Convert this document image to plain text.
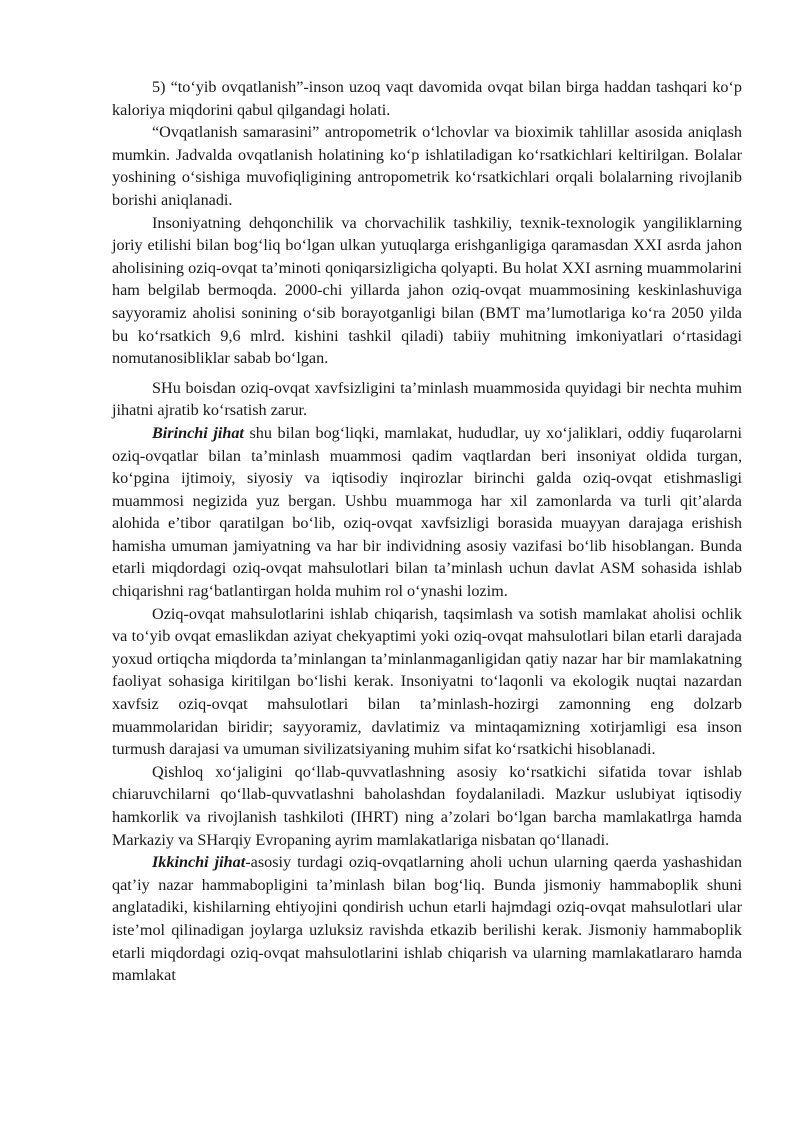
5) “to‘yib ovqatlanish”-inson uzoq vaqt davomida ovqat bilan birga haddan tashqari ko‘p kaloriya miqdorini qabul qilgandagi holati.

“Ovqatlanish samarasini” antropometrik o‘lchovlar va bioximik tahlillar asosida aniqlash mumkin. Jadvalda ovqatlanish holatining ko‘p ishlatiladigan ko‘rsatkichlari keltirilgan. Bolalar yoshining o‘sishiga muvofiqligining antropometrik ko‘rsatkichlari orqali bolalarning rivojlanib borishi aniqlanadi.

Insoniyatning dehqonchilik va chorvachilik tashkiliy, texnik-texnologik yangiliklarning joriy etilishi bilan bog‘liq bo‘lgan ulkan yutuqlarga erishganligiga qaramasdan XXI asrda jahon aholisining oziq-ovqat ta’minoti qoniqarsizligicha qolyapti. Bu holat XXI asrning muammolarini ham belgilab bermoqda. 2000-chi yillarda jahon oziq-ovqat muammosining keskinlashuviga sayyoramiz aholisi sonining o‘sib borayotganligi bilan (BMT ma’lumotlariga ko‘ra 2050 yilda bu ko‘rsatkich 9,6 mlrd. kishini tashkil qiladi) tabiiy muhitning imkoniyatlari o‘rtasidagi nomutanosibliklar sabab bo‘lgan.

SHu boisdan oziq-ovqat xavfsizligini ta’minlash muammosida quyidagi bir nechta muhim jihatni ajratib ko‘rsatish zarur.

Birinchi jihat shu bilan bog‘liqki, mamlakat, hududlar, uy xo‘jaliklari, oddiy fuqarolarni oziq-ovqatlar bilan ta’minlash muammosi qadim vaqtlardan beri insoniyat oldida turgan, ko‘pgina ijtimoiy, siyosiy va iqtisodiy inqirozlar birinchi galda oziq-ovqat etishmasligi muammosi negizida yuz bergan. Ushbu muammoga har xil zamonlarda va turli qit’alarda alohida e’tibor qaratilgan bo‘lib, oziq-ovqat xavfsizligi borasida muayyan darajaga erishish hamisha umuman jamiyatning va har bir individning asosiy vazifasi bo‘lib hisoblangan. Bunda etarli miqdordagi oziq-ovqat mahsulotlari bilan ta’minlash uchun davlat ASM sohasida ishlab chiqarishni rag‘batlantirgan holda muhim rol o‘ynashi lozim.

Oziq-ovqat mahsulotlarini ishlab chiqarish, taqsimlash va sotish mamlakat aholisi ochlik va to‘yib ovqat emaslikdan aziyat chekyaptimi yoki oziq-ovqat mahsulotlari bilan etarli darajada yoxud ortiqcha miqdorda ta’minlangan ta’minlanmaganligidan qatiy nazar har bir mamlakatning faoliyat sohasiga kiritilgan bo‘lishi kerak. Insoniyatni to‘laqonli va ekologik nuqtai nazardan xavfsiz oziq-ovqat mahsulotlari bilan ta’minlash-hozirgi zamonning eng dolzarb muammolaridan biridir; sayyoramiz, davlatimiz va mintaqamizning xotirjamligi esa inson turmush darajasi va umuman sivilizatsiyaning muhim sifat ko‘rsatkichi hisoblanadi.

Qishloq xo‘jaligini qo‘llab-quvvatlashning asosiy ko‘rsatkichi sifatida tovar ishlab chiaruvchilarni qo‘llab-quvvatlashni baholashdan foydalaniladi. Mazkur uslubiyat iqtisodiy hamkorlik va rivojlanish tashkiloti (IHRT) ning a’zolari bo‘lgan barcha mamlakatlrga hamda Markaziy va SHarqiy Evropaning ayrim mamlakatlariga nisbatan qo‘llanadi.

Ikkinchi jihat-asosiy turdagi oziq-ovqatlarning aholi uchun ularning qaerda yashashidan qat’iy nazar hammabopligini ta’minlash bilan bog‘liq. Bunda jismoniy hammaboplik shuni anglatadiki, kishilarning ehtiyojini qondirish uchun etarli hajmdagi oziq-ovqat mahsulotlari ular iste’mol qilinadigan joylarga uzluksiz ravishda etkazib berilishi kerak. Jismoniy hammaboplik etarli miqdordagi oziq-ovqat mahsulotlarini ishlab chiqarish va ularning mamlakatlararo hamda mamlakat
